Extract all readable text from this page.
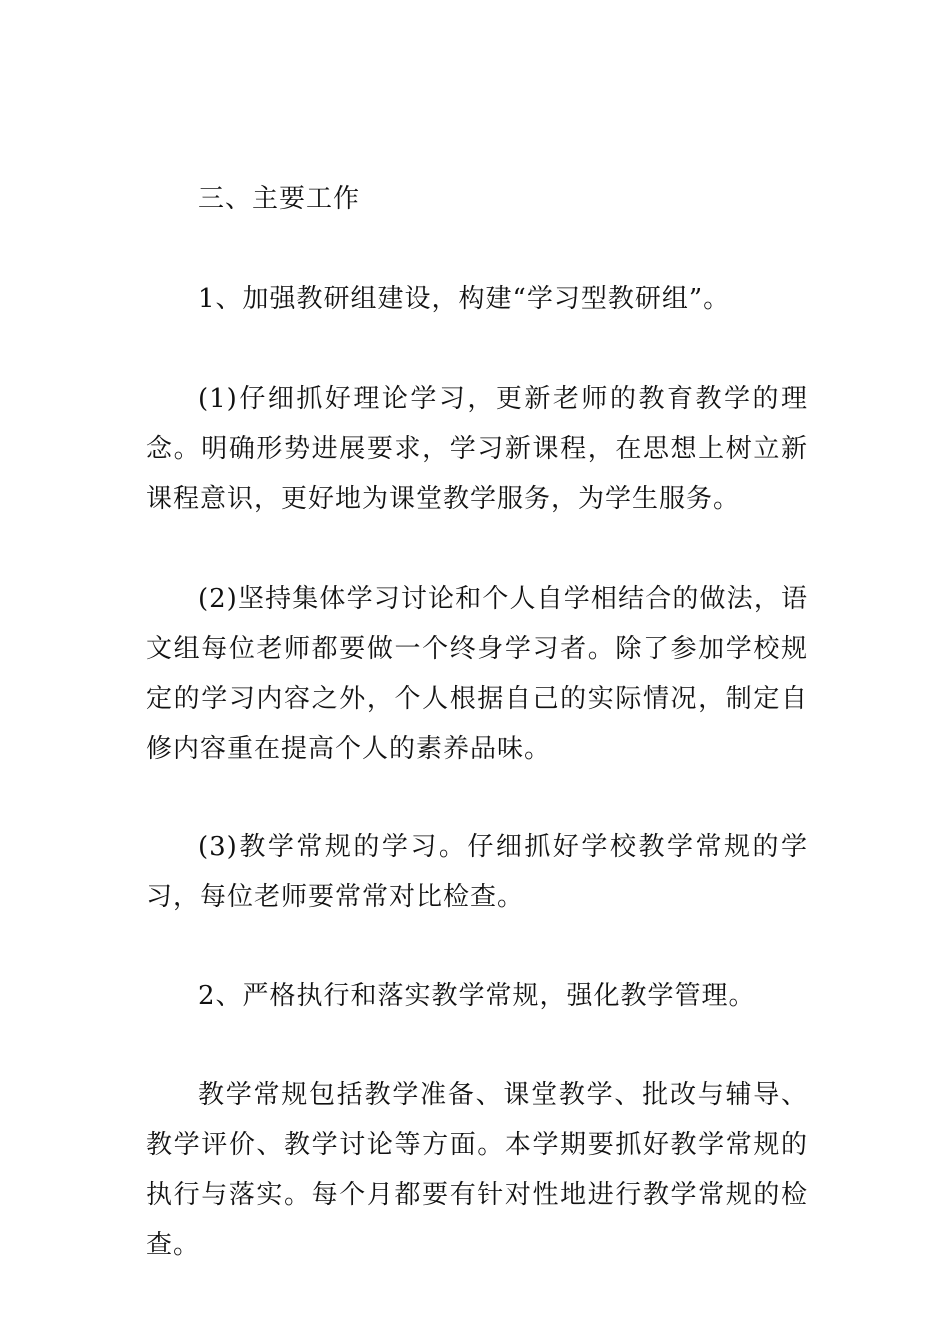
三、主要工作

1、加强教研组建设，构建“学习型教研组”。

(1)仔细抓好理论学习，更新老师的教育教学的理念。明确形势进展要求，学习新课程，在思想上树立新课程意识，更好地为课堂教学服务，为学生服务。

(2)坚持集体学习讨论和个人自学相结合的做法，语文组每位老师都要做一个终身学习者。除了参加学校规定的学习内容之外，个人根据自己的实际情况，制定自修内容重在提高个人的素养品味。

(3)教学常规的学习。仔细抓好学校教学常规的学习，每位老师要常常对比检查。

2、严格执行和落实教学常规，强化教学管理。

教学常规包括教学准备、课堂教学、批改与辅导、教学评价、教学讨论等方面。本学期要抓好教学常规的执行与落实。每个月都要有针对性地进行教学常规的检查。
